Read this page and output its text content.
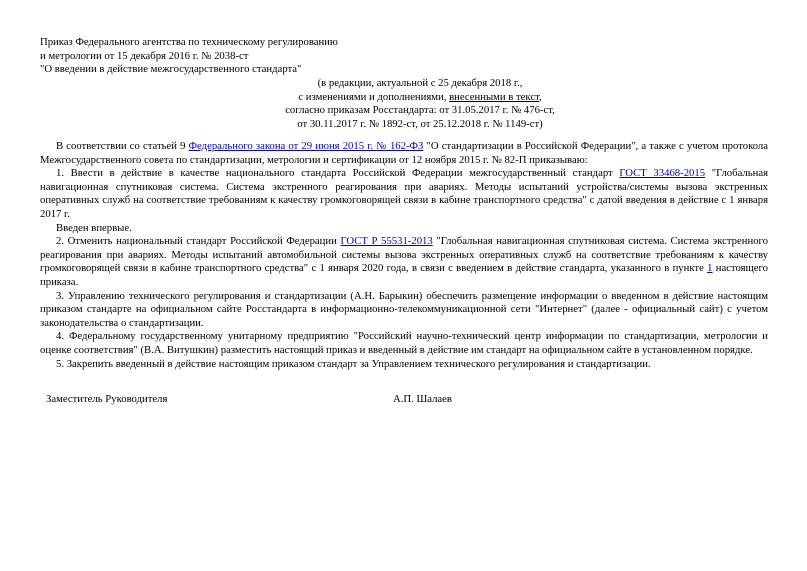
Приказ Федерального агентства по техническому регулированию
и метрологии от 15 декабря 2016 г. № 2038-ст
"О введении в действие межгосударственного стандарта"
(в редакции, актуальной с 25 декабря 2018 г.,
с изменениями и дополнениями, внесенными в текст,
согласно приказам Росстандарта: от 31.05.2017 г. № 476-ст,
от 30.11.2017 г. № 1892-ст, от 25.12.2018 г. № 1149-ст)

В соответствии со статьей 9 Федерального закона от 29 июня 2015 г. № 162-ФЗ "О стандартизации в Российской Федерации", а также с учетом протокола Межгосударственного совета по стандартизации, метрологии и сертификации от 12 ноября 2015 г. № 82-П приказываю:

1. Ввести в действие в качестве национального стандарта Российской Федерации межгосударственный стандарт ГОСТ 33468-2015 "Глобальная навигационная спутниковая система. Система экстренного реагирования при авариях. Методы испытаний устройства/системы вызова экстренных оперативных служб на соответствие требованиям к качеству громкоговорящей связи в кабине транспортного средства" с датой введения в действие с 1 января 2017 г.

Введен впервые.

2. Отменить национальный стандарт Российской Федерации ГОСТ Р 55531-2013 "Глобальная навигационная спутниковая система. Система экстренного реагирования при авариях. Методы испытаний автомобильной системы вызова экстренных оперативных служб на соответствие требованиям к качеству громкоговорящей связи в кабине транспортного средства" с 1 января 2020 года, в связи с введением в действие стандарта, указанного в пункте 1 настоящего приказа.

3. Управлению технического регулирования и стандартизации (А.Н. Барыкин) обеспечить размещение информации о введенном в действие настоящим приказом стандарте на официальном сайте Росстандарта в информационно-телекоммуникационной сети "Интернет" (далее - официальный сайт) с учетом законодательства о стандартизации.

4. Федеральному государственному унитарному предприятию "Российский научно-технический центр информации по стандартизации, метрологии и оценке соответствия" (В.А. Витушкин) разместить настоящий приказ и введенный в действие им стандарт на официальном сайте в установленном порядке.

5. Закрепить введенный в действие настоящим приказом стандарт за Управлением технического регулирования и стандартизации.

Заместитель Руководителя	А.П. Шалаев
